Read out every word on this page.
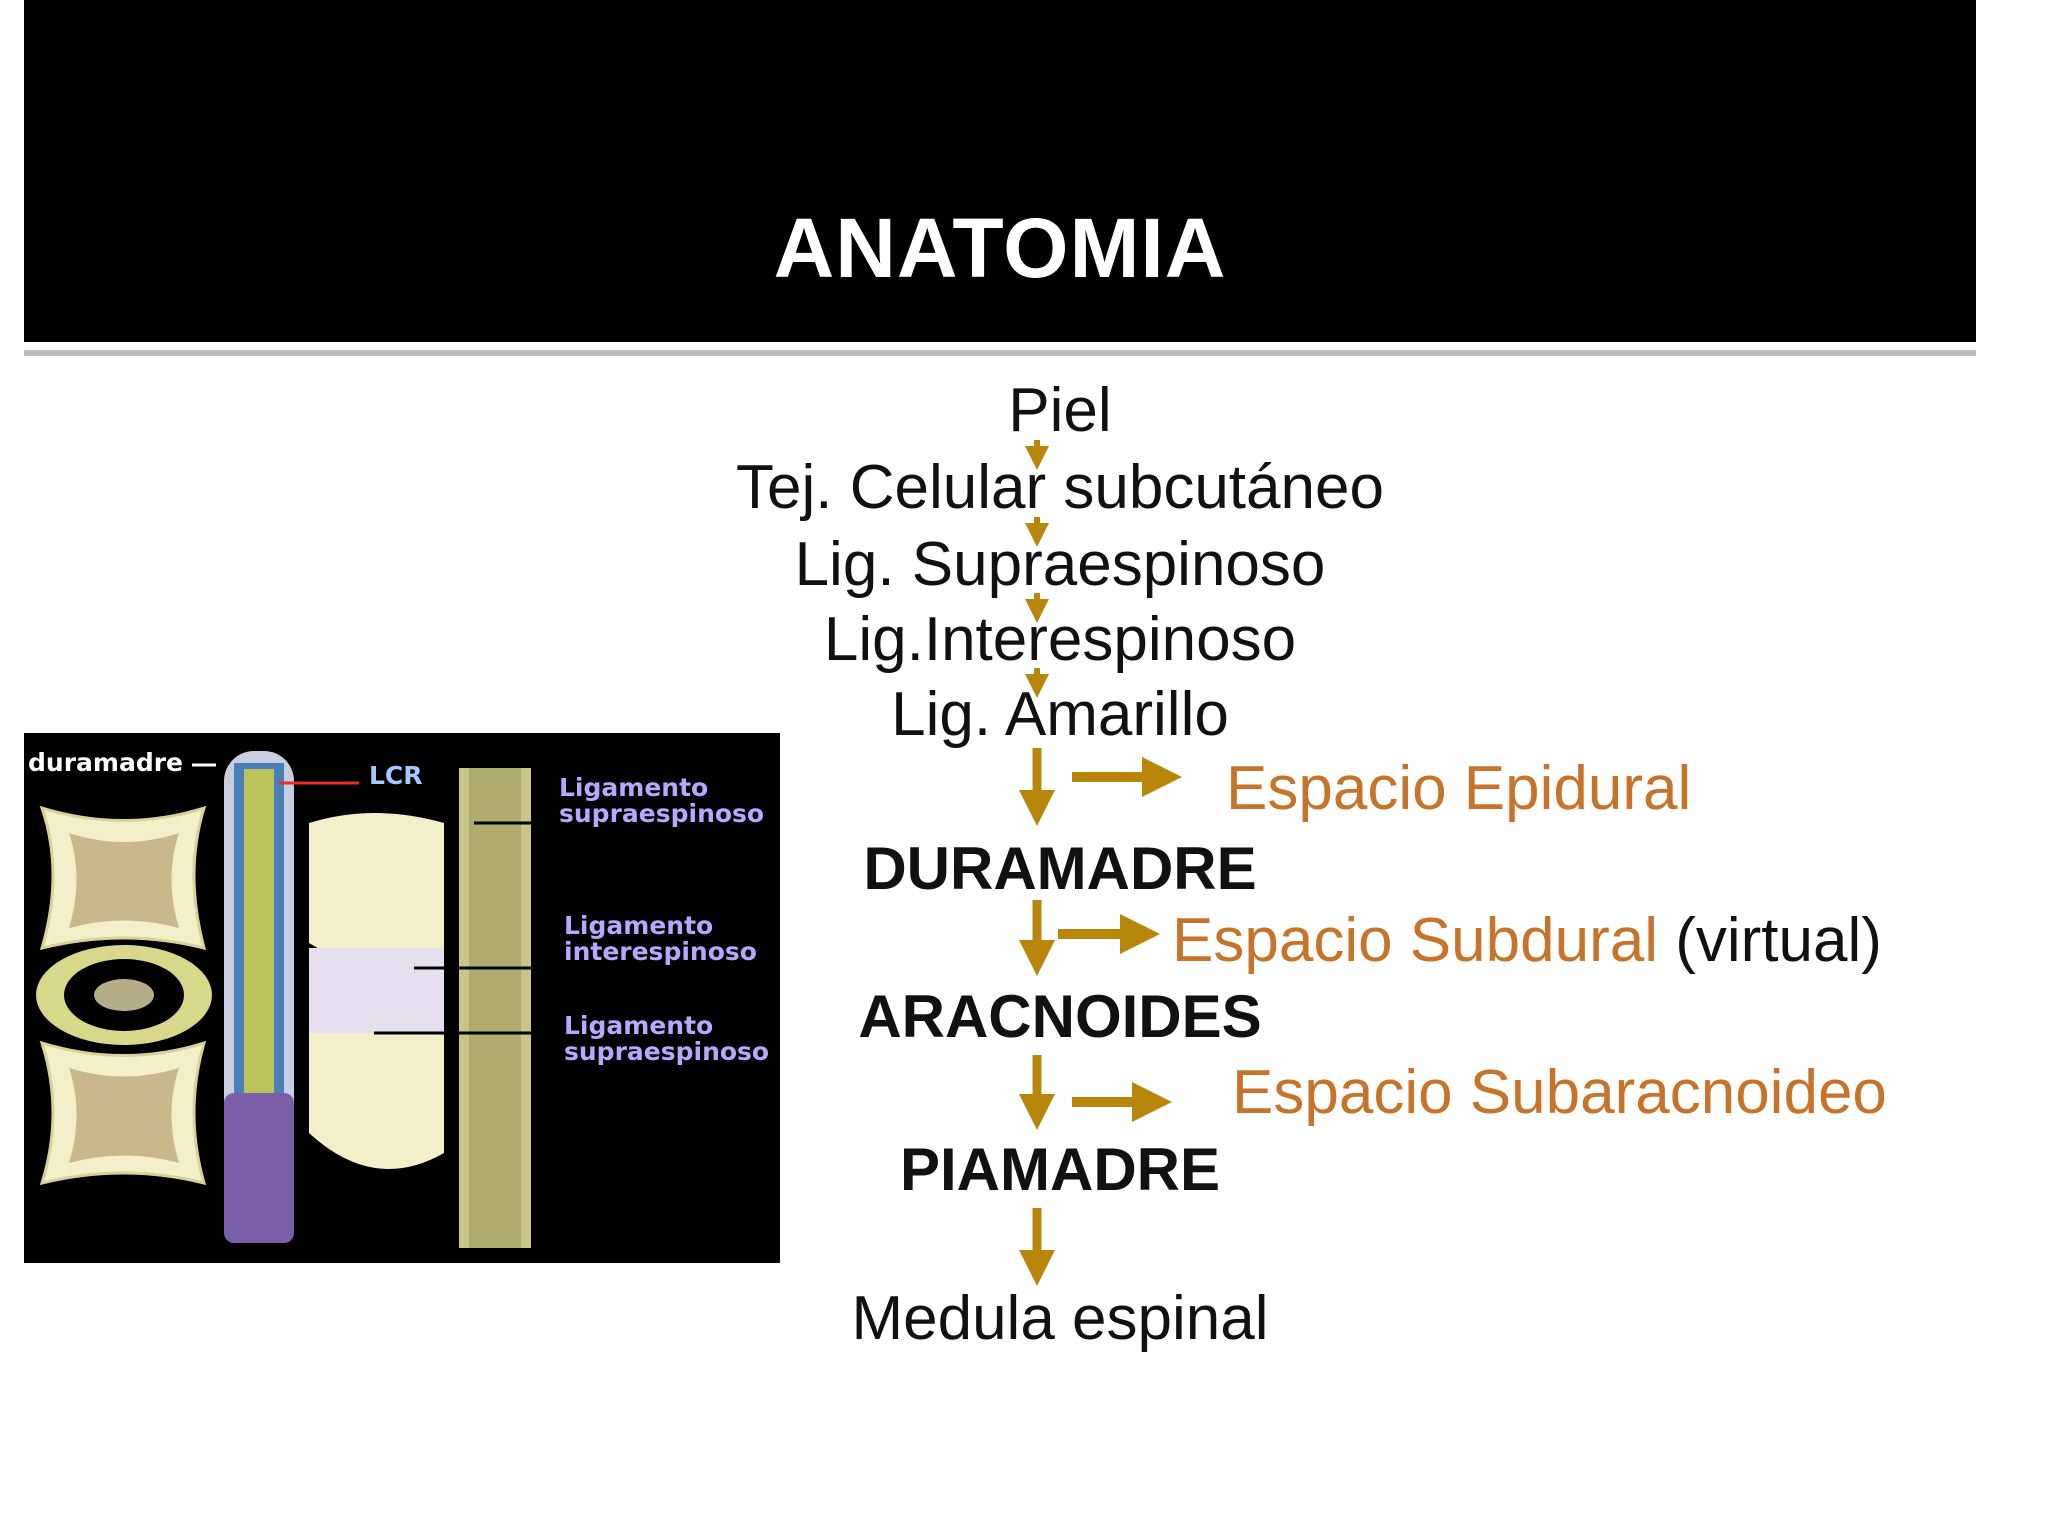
ANATOMIA
Piel
Tej. Celular subcutáneo
Lig. Supraespinoso
Lig.Interespinoso
Lig. Amarillo
DURAMADRE
ARACNOIDES
PIAMADRE
Medula espinal
Espacio Epidural
Espacio Subdural (virtual)
Espacio Subaracnoideo
duramadre	LCR	Ligamento
supraespinoso
Ligamento
interespinoso
Ligamento
supraespinoso
